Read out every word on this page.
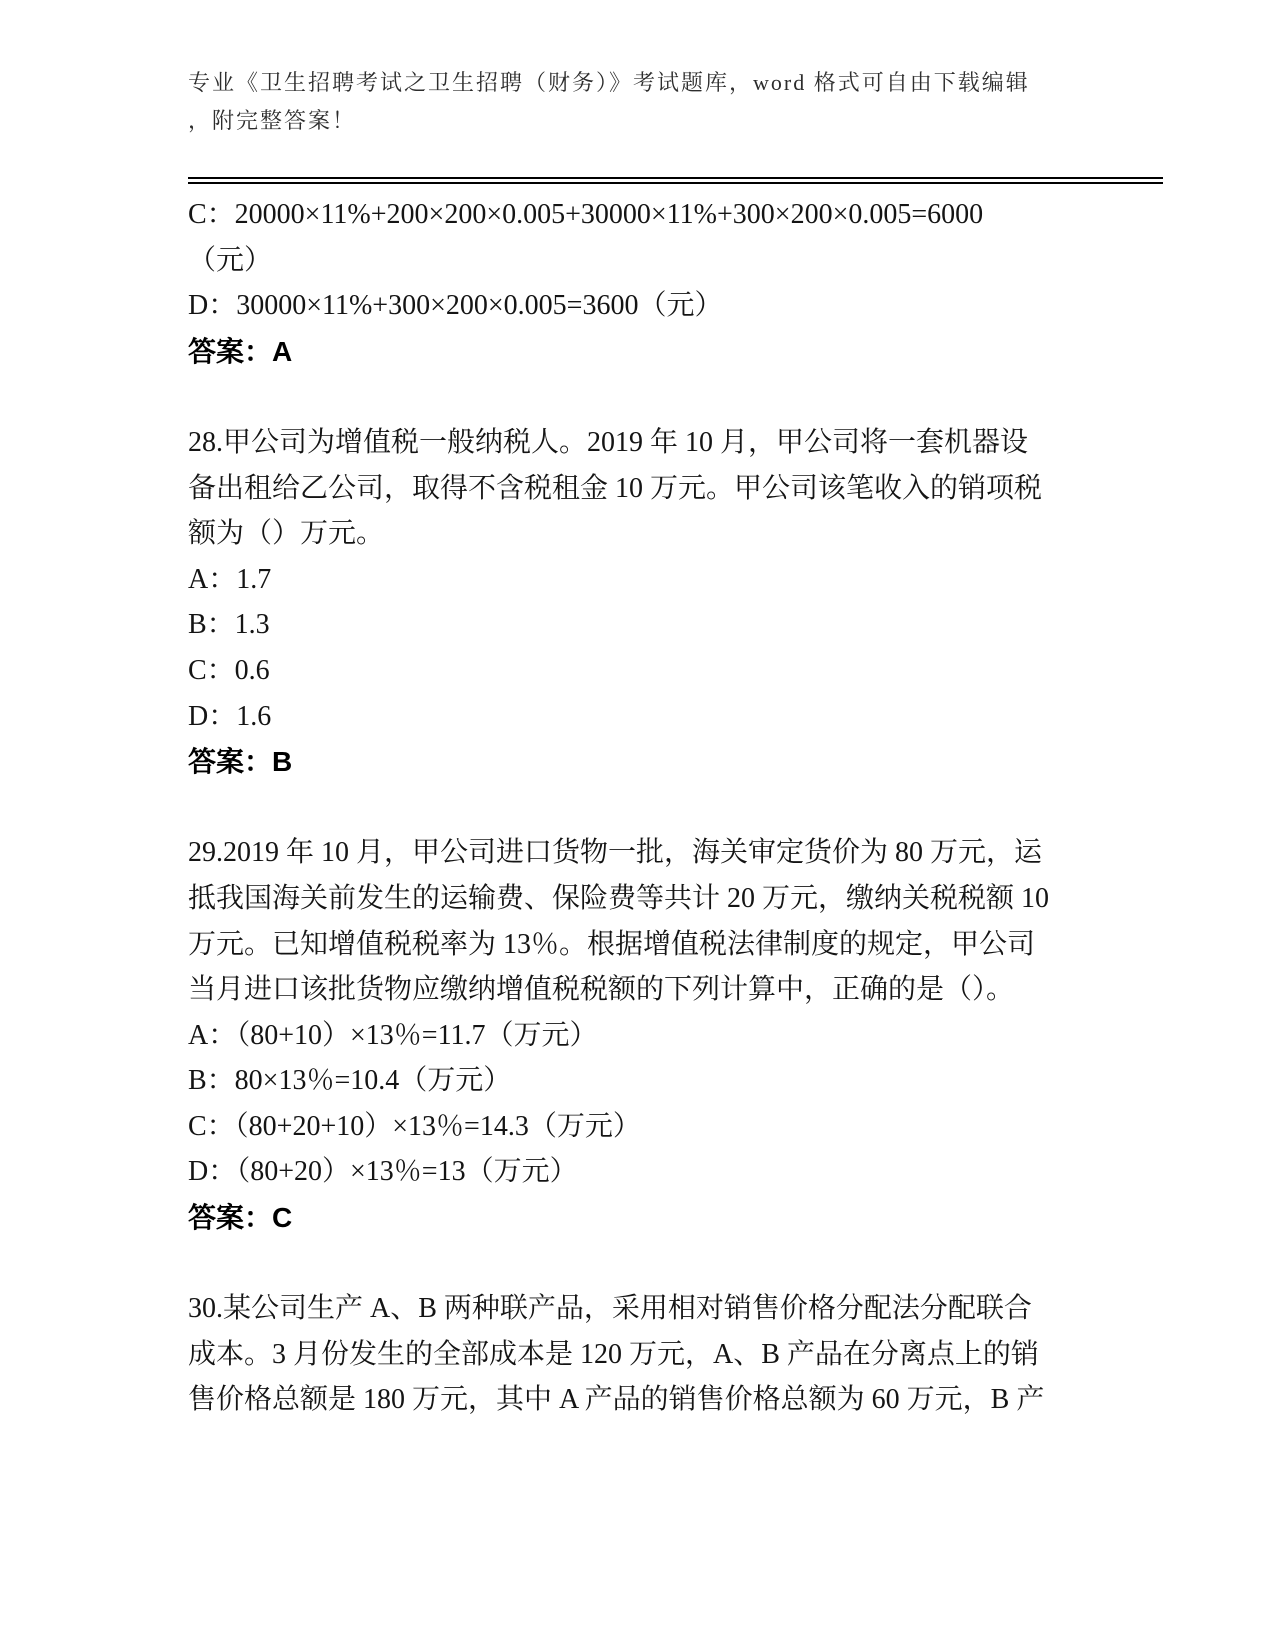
专业《卫生招聘考试之卫生招聘（财务）》考试题库，word 格式可自由下载编辑
，附完整答案！
C：20000×11%+200×200×0.005+30000×11%+300×200×0.005=6000
（元）
D：30000×11%+300×200×0.005=3600（元）
答案：A
28.甲公司为增值税一般纳税人。2019 年 10 月，甲公司将一套机器设
备出租给乙公司，取得不含税租金 10 万元。甲公司该笔收入的销项税
额为（）万元。
A：1.7
B：1.3
C：0.6
D：1.6
答案：B
29.2019 年 10 月，甲公司进口货物一批，海关审定货价为 80 万元，运
抵我国海关前发生的运输费、保险费等共计 20 万元，缴纳关税税额 10
万元。已知增值税税率为 13％。根据增值税法律制度的规定，甲公司
当月进口该批货物应缴纳增值税税额的下列计算中，正确的是（）。
A：（80+10）×13％=11.7（万元）
B：80×13％=10.4（万元）
C：（80+20+10）×13％=14.3（万元）
D：（80+20）×13％=13（万元）
答案：C
30.某公司生产 A、B 两种联产品，采用相对销售价格分配法分配联合
成本。3 月份发生的全部成本是 120 万元，A、B 产品在分离点上的销
售价格总额是 180 万元，其中 A 产品的销售价格总额为 60 万元，B 产
